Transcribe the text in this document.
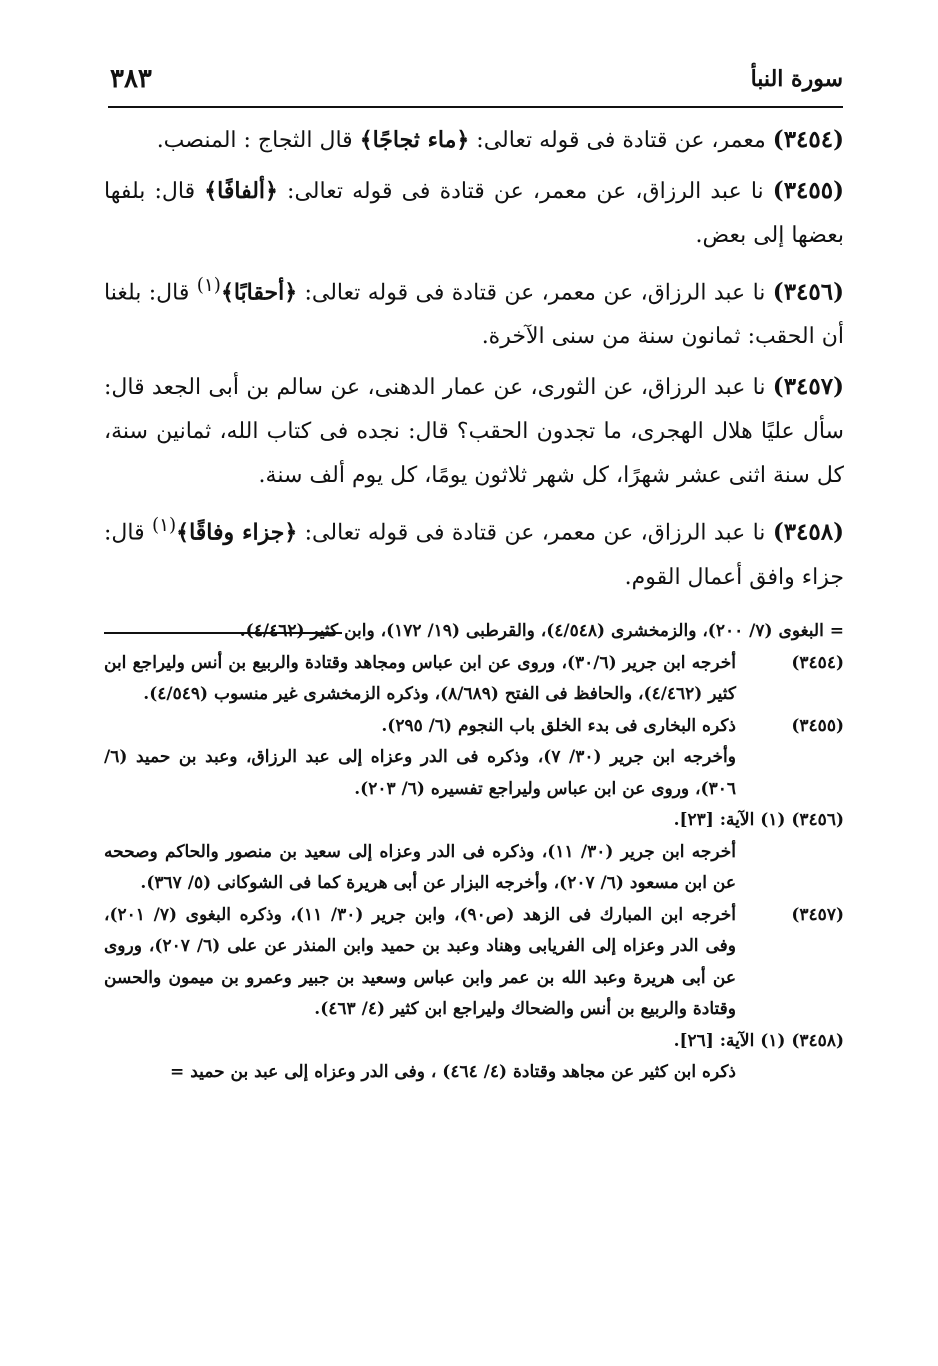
سورة النبأ
٣٨٣

(٣٤٥٤) معمر، عن قتادة فى قوله تعالى: ﴿ماء ثجاجًا﴾ قال الثجاج : المنصب.

(٣٤٥٥) نا عبد الرزاق، عن معمر، عن قتادة فى قوله تعالى: ﴿ألفافًا﴾ قال: بلفها بعضها إلى بعض.

(٣٤٥٦) نا عبد الرزاق، عن معمر، عن قتادة فى قوله تعالى: ﴿أحقابًا﴾$^{(١)}$ قال: بلغنا أن الحقب: ثمانون سنة من سنى الآخرة.

(٣٤٥٧) نا عبد الرزاق، عن الثورى، عن عمار الدهنى، عن سالم بن أبى الجعد قال: سأل عليًا هلال الهجرى، ما تجدون الحقب؟ قال: نجده فى كتاب الله، ثمانين سنة، كل سنة اثنى عشر شهرًا، كل شهر ثلاثون يومًا، كل يوم ألف سنة.

(٣٤٥٨) نا عبد الرزاق، عن معمر، عن قتادة فى قوله تعالى: ﴿جزاء وفاقًا﴾$^{(١)}$ قال: جزاء وافق أعمال القوم.

= البغوى (٧/ ٢٠٠)، والزمخشرى (٤/٥٤٨)، والقرطبى (١٩/ ١٧٢)، وابن كثير (٤/٤٦٢).
(٣٤٥٤)
أخرجه ابن جرير (٣٠/٦)، وروى عن ابن عباس ومجاهد وقتادة والربيع بن أنس وليراجع ابن كثير (٤/٤٦٢)، والحافظ فى الفتح (٨/٦٨٩)، وذكره الزمخشرى غير منسوب (٤/٥٤٩).
(٣٤٥٥)
ذكره البخارى فى بدء الخلق باب النجوم (٦/ ٢٩٥).
وأخرجه ابن جرير (٣٠/ ٧)، وذكره فى الدر وعزاه إلى عبد الرزاق، وعبد بن حميد (٦/ ٣٠٦)، وروى عن ابن عباس وليراجع تفسيره (٦/ ٢٠٣).
(٣٤٥٦) (١) الآية: [٢٣].
أخرجه ابن جرير (٣٠/ ١١)، وذكره فى الدر وعزاه إلى سعيد بن منصور والحاكم وصححه عن ابن مسعود (٦/ ٢٠٧)، وأخرجه البزار عن أبى هريرة كما فى الشوكانى (٥/ ٣٦٧).
(٣٤٥٧)
أخرجه ابن المبارك فى الزهد (ص٩٠)، وابن جرير (٣٠/ ١١)، وذكره البغوى (٧/ ٢٠١)، وفى الدر وعزاه إلى الفريابى وهناد وعبد بن حميد وابن المنذر عن على (٦/ ٢٠٧)، وروى عن أبى هريرة وعبد الله بن عمر وابن عباس وسعيد بن جبير وعمرو بن ميمون والحسن وقتادة والربيع بن أنس والضحاك وليراجع ابن كثير (٤/ ٤٦٣).
(٣٤٥٨) (١) الآية: [٢٦].
ذكره ابن كثير عن مجاهد وقتادة (٤/ ٤٦٤) ، وفى الدر وعزاه إلى عبد بن حميد =
